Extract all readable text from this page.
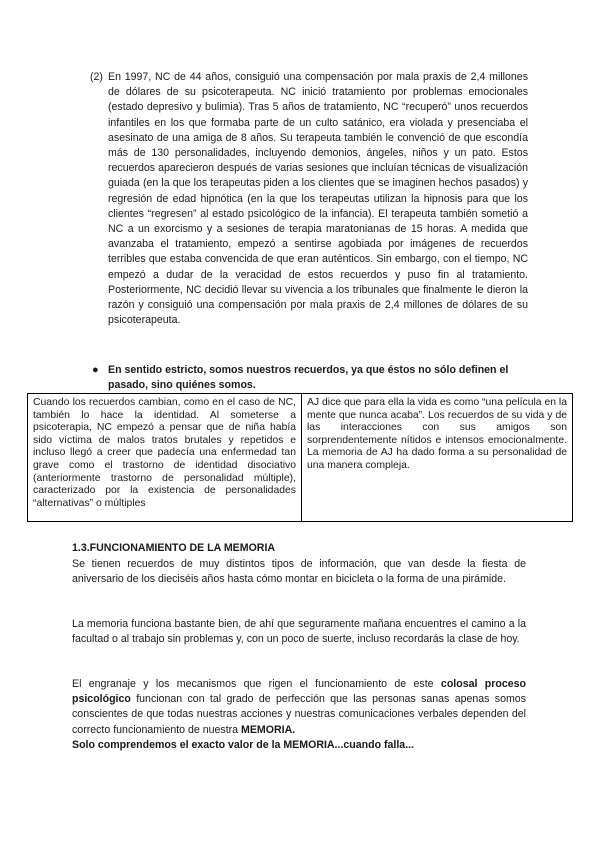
(2) En 1997, NC de 44 años, consiguió una compensación por mala praxis de 2,4 millones de dólares de su psicoterapeuta. NC inició tratamiento por problemas emocionales (estado depresivo y bulimia). Tras 5 años de tratamiento, NC “recuperó” unos recuerdos infantiles en los que formaba parte de un culto satánico, era violada y presenciaba el asesinato de una amiga de 8 años. Su terapeuta también le convenció de que escondía más de 130 personalidades, incluyendo demonios, ángeles, niños y un pato. Estos recuerdos aparecieron después de varias sesiones que incluían técnicas de visualización guiada (en la que los terapeutas piden a los clientes que se imaginen hechos pasados) y regresión de edad hipnótica (en la que los terapeutas utilizan la hipnosis para que los clientes “regresen” al estado psicológico de la infancia). El terapeuta también sometió a NC a un exorcismo y a sesiones de terapia maratonianas de 15 horas. A medida que avanzaba el tratamiento, empezó a sentirse agobiada por imágenes de recuerdos terribles que estaba convencida de que eran auténticos. Sin embargo, con el tiempo, NC empezó a dudar de la veracidad de estos recuerdos y puso fin al tratamiento. Posteriormente, NC decidió llevar su vivencia a los tribunales que finalmente le dieron la razón y consiguió una compensación por mala praxis de 2,4 millones de dólares de su psicoterapeuta.
● En sentido estricto, somos nuestros recuerdos, ya que éstos no sólo definen el pasado, sino quiénes somos.
Cuando los recuerdos cambian, como en el caso de NC, también lo hace la identidad. Al someterse a psicoterapia, NC empezó a pensar que de niña había sido víctima de malos tratos brutales y repetidos e incluso llegó a creer que padecía una enfermedad tan grave como el trastorno de identidad disociativo (anteriormente trastorno de personalidad múltiple), caracterizado por la existencia de personalidades “alternativas” o múltiples	AJ dice que para ella la vida es como “una película en la mente que nunca acaba”. Los recuerdos de su vida y de las interacciones con sus amigos son sorprendentemente nítidos e intensos emocionalmente. La memoria de AJ ha dado forma a su personalidad de una manera compleja.
1.3.FUNCIONAMIENTO DE LA MEMORIA
Se tienen recuerdos de muy distintos tipos de información, que van desde la fiesta de aniversario de los dieciséis años hasta cómo montar en bicicleta o la forma de una pirámide.
La memoria funciona bastante bien, de ahí que seguramente mañana encuentres el camino a la facultad o al trabajo sin problemas y, con un poco de suerte, incluso recordarás la clase de hoy.
El engranaje y los mecanismos que rigen el funcionamiento de este colosal proceso psicológico funcionan con tal grado de perfección que las personas sanas apenas somos conscientes de que todas nuestras acciones y nuestras comunicaciones verbales dependen del correcto funcionamiento de nuestra MEMORIA.
Solo comprendemos el exacto valor de la MEMORIA...cuando falla...
